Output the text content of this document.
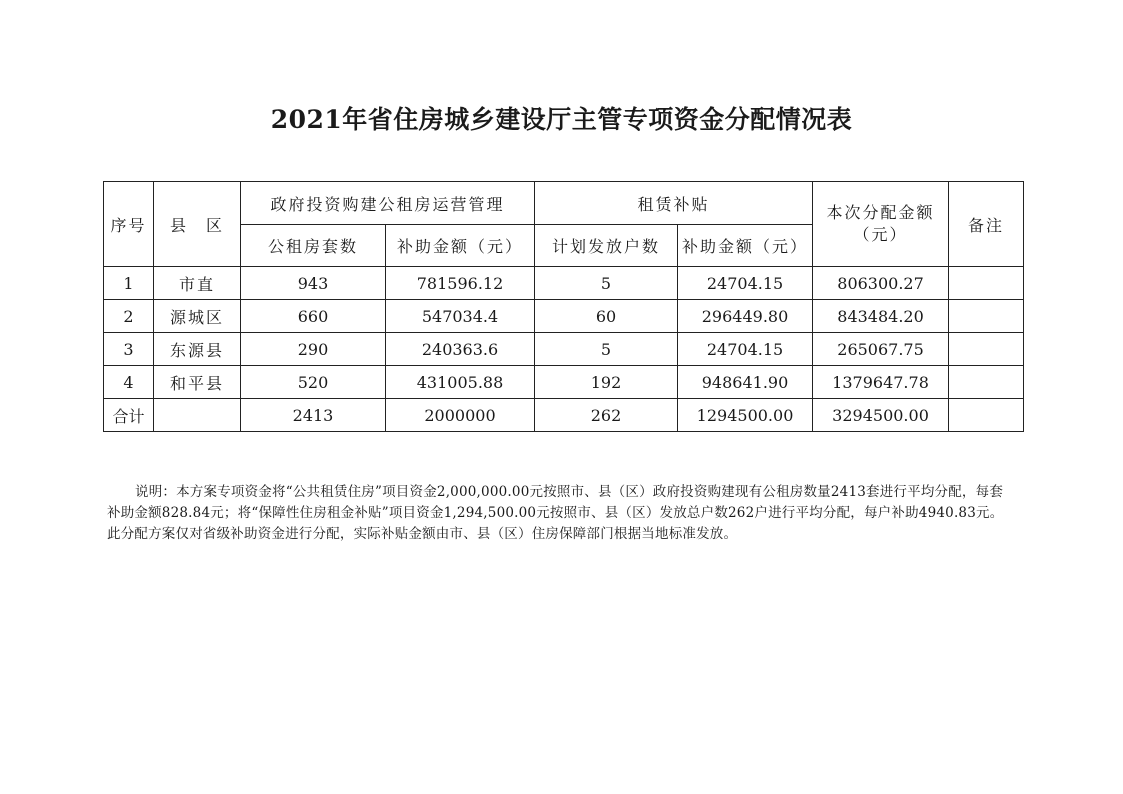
2021年省住房城乡建设厅主管专项资金分配情况表
序号	县　区	政府投资购建公租房运营管理		租赁补贴		本次分配金额（元）	备注
		公租房套数	补助金额（元）	计划发放户数	补助金额（元）		
1	市直	943	781596.12	5	24704.15	806300.27	
2	源城区	660	547034.4	60	296449.80	843484.20	
3	东源县	290	240363.6	5	24704.15	265067.75	
4	和平县	520	431005.88	192	948641.90	1379647.78	
合计		2413	2000000	262	1294500.00	3294500.00	
说明：本方案专项资金将“公共租赁住房”项目资金2,000,000.00元按照市、县（区）政府投资购建现有公租房数量2413套进行平均分配，每套补助金额828.84元；将“保障性住房租金补贴”项目资金1,294,500.00元按照市、县（区）发放总户数262户进行平均分配，每户补助4940.83元。此分配方案仅对省级补助资金进行分配，实际补贴金额由市、县（区）住房保障部门根据当地标准发放。
